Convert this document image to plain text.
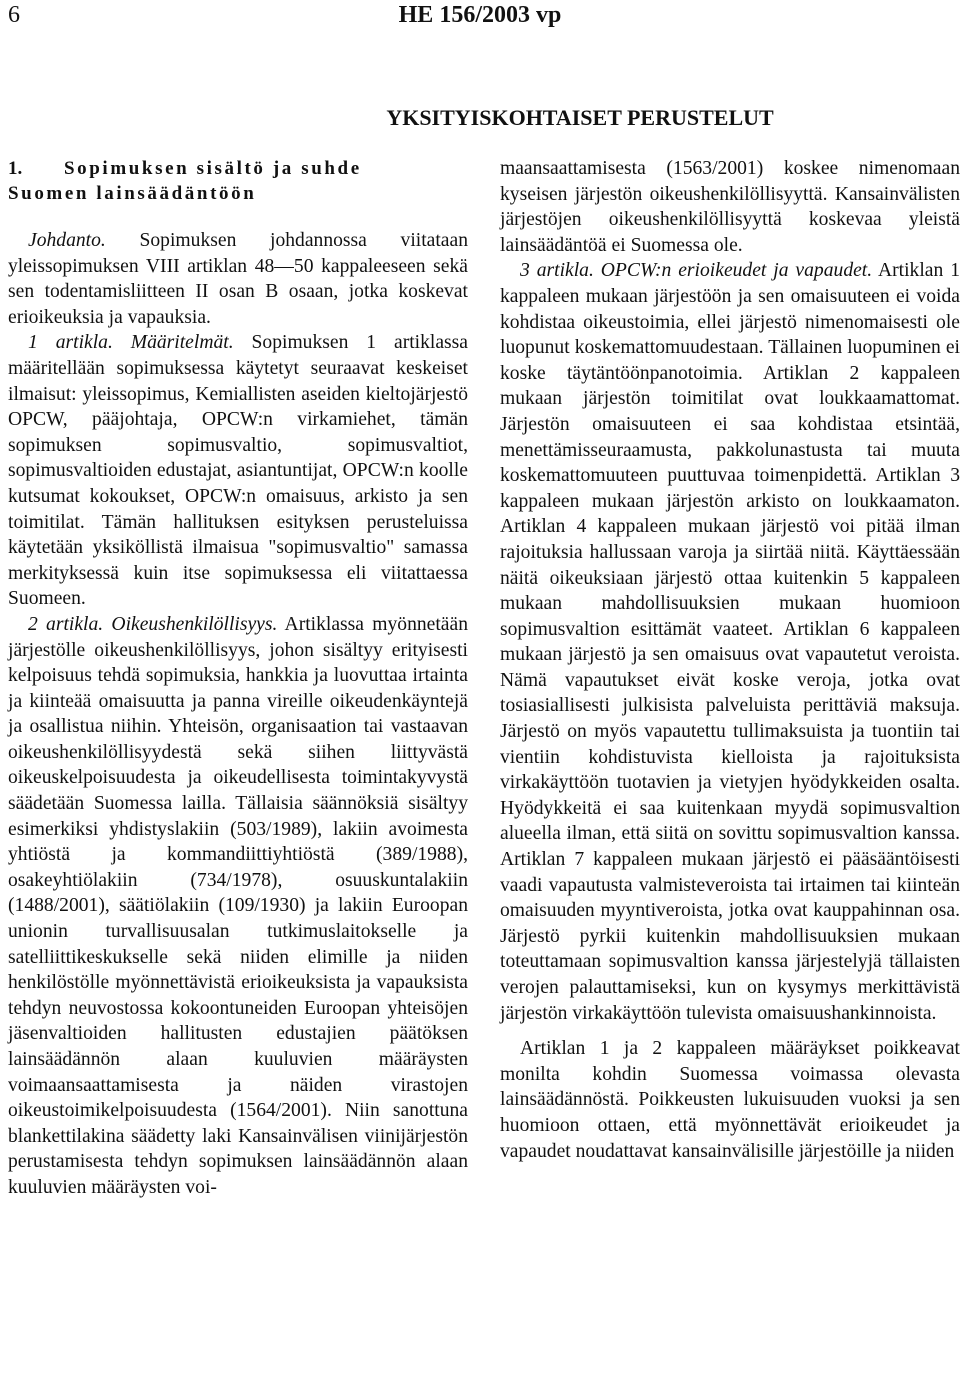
6	HE 156/2003 vp
YKSITYISKOHTAISET PERUSTELUT
1. Sopimuksen sisältö ja suhde
Suomen lainsäädäntöön

Johdanto. Sopimuksen johdannossa viitataan yleissopimuksen VIII artiklan 48—50 kappaleeseen sekä sen todentamisliitteen II osan B osaan, jotka koskevat erioikeuksia ja vapauksia.

1 artikla. Määritelmät. Sopimuksen 1 artiklassa määritellään sopimuksessa käytetyt seuraavat keskeiset ilmaisut: yleissopimus, Kemiallisten aseiden kieltojärjestö OPCW, pääjohtaja, OPCW:n virkamiehet, tämän sopimuksen sopimusvaltio, sopimusvaltiot, sopimusvaltioiden edustajat, asiantuntijat, OPCW:n koolle kutsumat kokoukset, OPCW:n omaisuus, arkisto ja sen toimitilat. Tämän hallituksen esityksen perusteluissa käytetään yksiköllistä ilmaisua "sopimusvaltio" samassa merkityksessä kuin itse sopimuksessa eli viitattaessa Suomeen.

2 artikla. Oikeushenkilöllisyys. Artiklassa myönnetään järjestölle oikeushenkilöllisyys, johon sisältyy erityisesti kelpoisuus tehdä sopimuksia, hankkia ja luovuttaa irtainta ja kiinteää omaisuutta ja panna vireille oikeudenkäyntejä ja osallistua niihin. Yhteisön, organisaation tai vastaavan oikeushenkilöllisyydestä sekä siihen liittyvästä oikeuskelpoisuudesta ja oikeudellisesta toimintakyvystä säädetään Suomessa lailla. Tällaisia säännöksiä sisältyy esimerkiksi yhdistyslakiin (503/1989), lakiin avoimesta yhtiöstä ja kommandiittiyhtiöstä (389/1988), osakeyhtiölakiin (734/1978), osuuskuntalakiin (1488/2001), säätiölakiin (109/1930) ja lakiin Euroopan unionin turvallisuusalan tutkimuslaitokselle ja satelliittikeskukselle sekä niiden elimille ja niiden henkilöstölle myönnettävistä erioikeuksista ja vapauksista tehdyn neuvostossa kokoontuneiden Euroopan yhteisöjen jäsenvaltioiden hallitusten edustajien päätöksen lainsäädännön alaan kuuluvien määräysten voimaansaattamisesta ja näiden virastojen oikeustoimikelpoisuudesta (1564/2001). Niin sanottuna blankettilakina säädetty laki Kansainvälisen viinijärjestön perustamisesta tehdyn sopimuksen lainsäädännön alaan kuuluvien määräysten voi-

maansaattamisesta (1563/2001) koskee nimenomaan kyseisen järjestön oikeushenkilöllisyyttä. Kansainvälisten järjestöjen oikeushenkilöllisyyttä koskevaa yleistä lainsäädäntöä ei Suomessa ole.

3 artikla. OPCW:n erioikeudet ja vapaudet. Artiklan 1 kappaleen mukaan järjestöön ja sen omaisuuteen ei voida kohdistaa oikeustoimia, ellei järjestö nimenomaisesti ole luopunut koskemattomuudestaan. Tällainen luopuminen ei koske täytäntöönpanotoimia. Artiklan 2 kappaleen mukaan järjestön toimitilat ovat loukkaamattomat. Järjestön omaisuuteen ei saa kohdistaa etsintää, menettämisseuraamusta, pakkolunastusta tai muuta koskemattomuuteen puuttuvaa toimenpidettä. Artiklan 3 kappaleen mukaan järjestön arkisto on loukkaamaton. Artiklan 4 kappaleen mukaan järjestö voi pitää ilman rajoituksia hallussaan varoja ja siirtää niitä. Käyttäessään näitä oikeuksiaan järjestö ottaa kuitenkin 5 kappaleen mukaan mahdollisuuksien mukaan huomioon sopimusvaltion esittämät vaateet. Artiklan 6 kappaleen mukaan järjestö ja sen omaisuus ovat vapautetut veroista. Nämä vapautukset eivät koske veroja, jotka ovat tosiasiallisesti julkisista palveluista perittäviä maksuja. Järjestö on myös vapautettu tullimaksuista ja tuontiin tai vientiin kohdistuvista kielloista ja rajoituksista virkakäyttöön tuotavien ja vietyjen hyödykkeiden osalta. Hyödykkeitä ei saa kuitenkaan myydä sopimusvaltion alueella ilman, että siitä on sovittu sopimusvaltion kanssa. Artiklan 7 kappaleen mukaan järjestö ei pääsääntöisesti vaadi vapautusta valmisteveroista tai irtaimen tai kiinteän omaisuuden myyntiveroista, jotka ovat kauppahinnan osa. Järjestö pyrkii kuitenkin mahdollisuuksien mukaan toteuttamaan sopimusvaltion kanssa järjestelyjä tällaisten verojen palauttamiseksi, kun on kysymys merkittävistä järjestön virkakäyttöön tulevista omaisuushankinnoista.

Artiklan 1 ja 2 kappaleen määräykset poikkeavat monilta kohdin Suomessa voimassa olevasta lainsäädännöstä. Poikkeusten lukuisuuden vuoksi ja sen huomioon ottaen, että myönnettävät erioikeudet ja vapaudet noudattavat kansainvälisille järjestöille ja niiden
